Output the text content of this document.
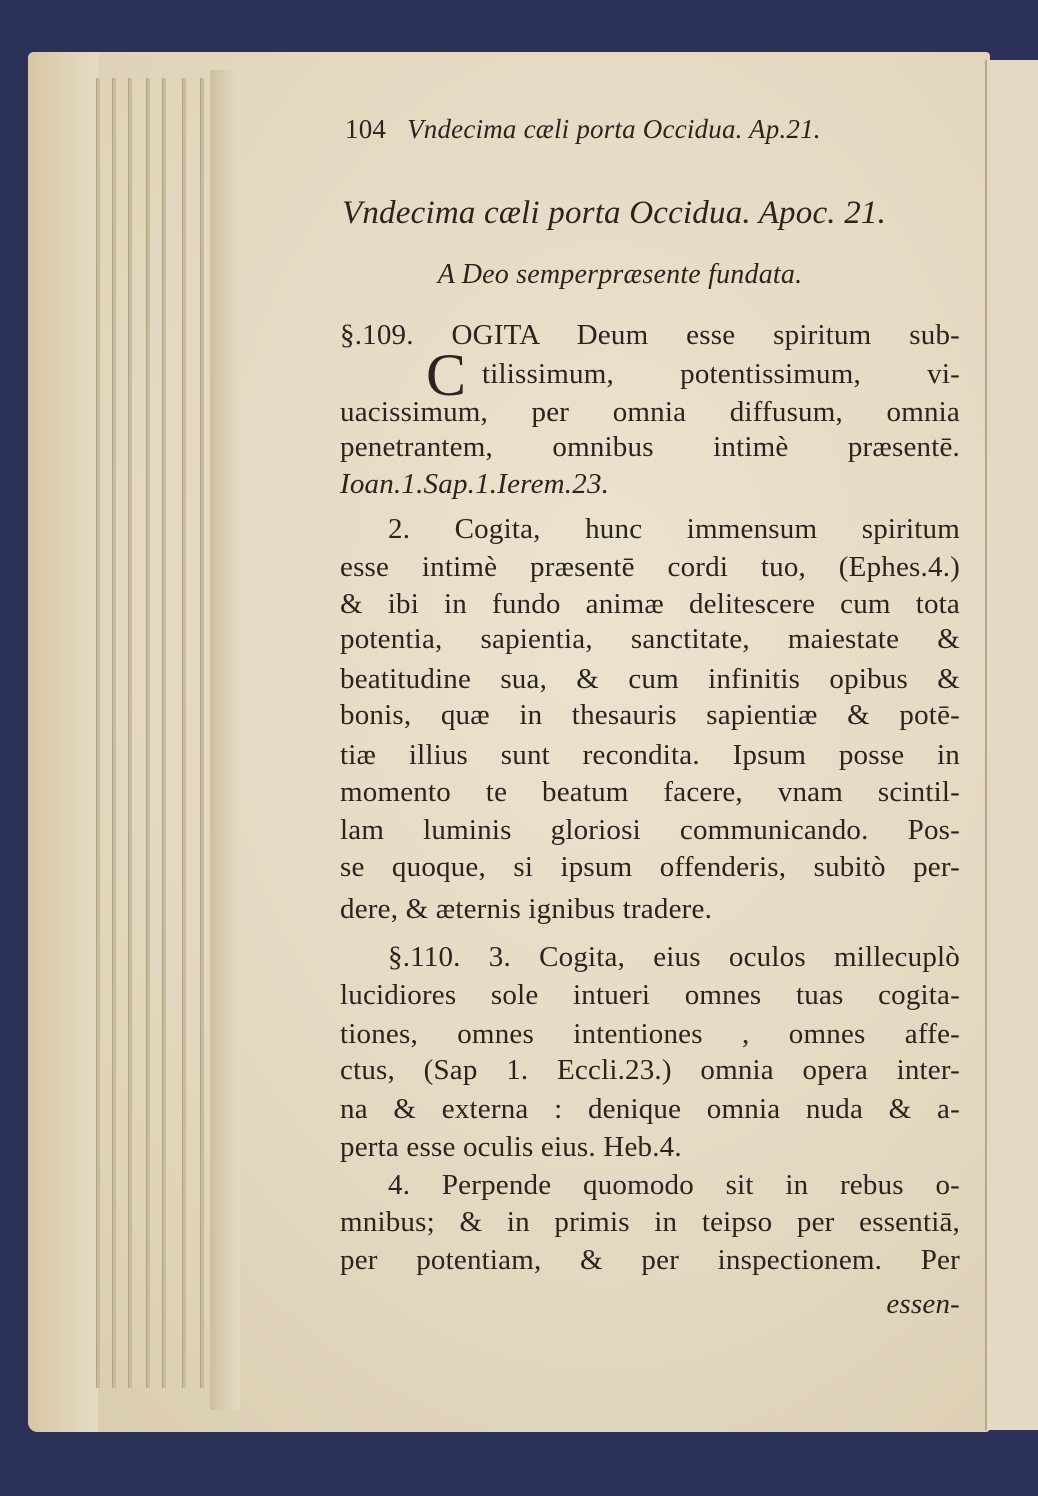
104 Vndecima cæli porta Occidua. Ap.21.
Vndecima cæli porta Occidua. Apoc. 21.
A Deo semperpræsente fundata.
C
§.109. OGITA Deum esse spiritum sub-
tilissimum, potentissimum, vi-
uacissimum, per omnia diffusum, omnia
penetrantem, omnibus intimè præsentē.
Ioan.1.Sap.1.Ierem.23.
2. Cogita, hunc immensum spiritum
esse intimè præsentē cordi tuo, (Ephes.4.)
& ibi in fundo animæ delitescere cum tota
potentia, sapientia, sanctitate, maiestate &
beatitudine sua, & cum infinitis opibus &
bonis, quæ in thesauris sapientiæ & potē-
tiæ illius sunt recondita. Ipsum posse in
momento te beatum facere, vnam scintil-
lam luminis gloriosi communicando. Pos-
se quoque, si ipsum offenderis, subitò per-
dere, & æternis ignibus tradere.
§.110. 3. Cogita, eius oculos millecuplò
lucidiores sole intueri omnes tuas cogita-
tiones, omnes intentiones , omnes affe-
ctus, (Sap 1. Eccli.23.) omnia opera inter-
na & externa : denique omnia nuda & a-
perta esse oculis eius. Heb.4.
4. Perpende quomodo sit in rebus o-
mnibus; & in primis in teipso per essentiā,
per potentiam, & per inspectionem. Per
essen-
